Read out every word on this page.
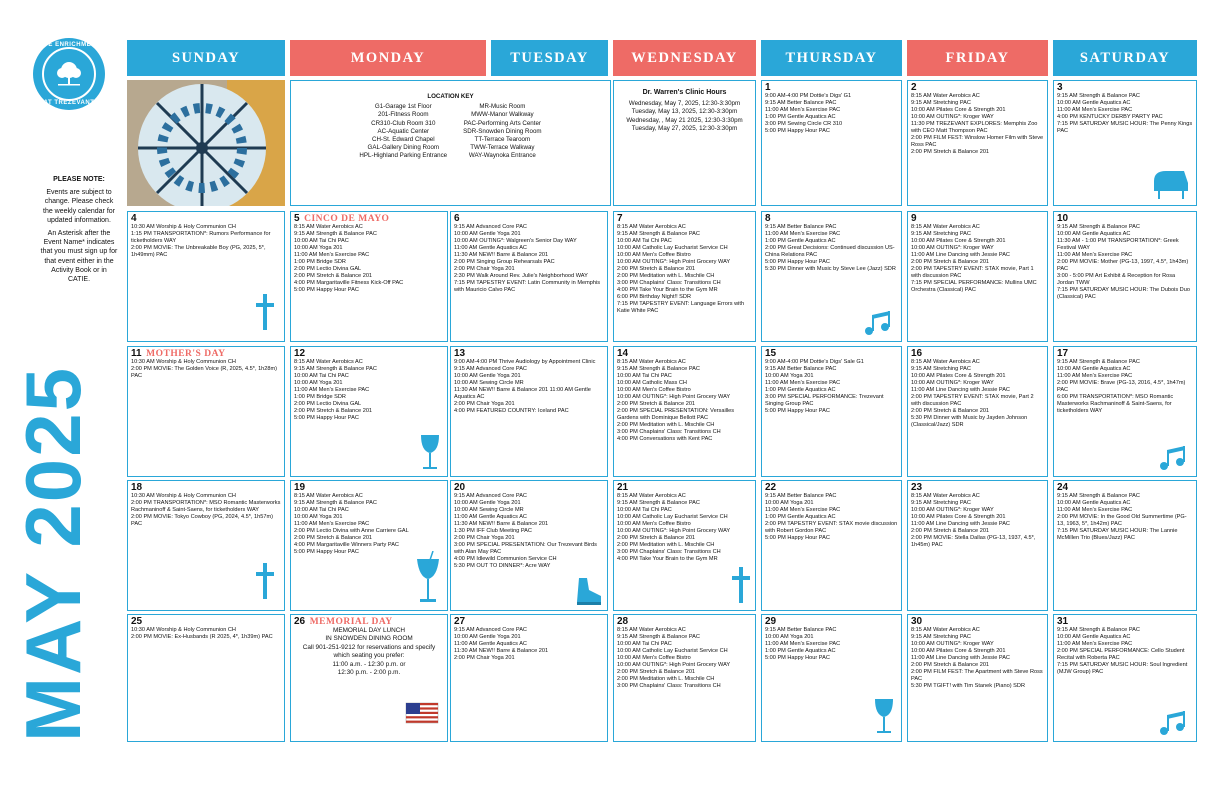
LIFE ENRICHMENT
AT TREZEVANT

PLEASE NOTE:

Events are subject to change. Please check the weekly calendar for updated information.

An Asterisk after the Event Name* indicates that you must sign up for that event either in the Activity Book or in CATIE.

MAY 2025
SUNDAY	MONDAY	TUESDAY	WEDNESDAY	THURSDAY	FRIDAY	SATURDAY
LOCATION KEY
G1-Garage 1st Floor
201-Fitness Room
CR310-Club Room 310
AC-Aquatic Center
CH-St. Edward Chapel
GAL-Gallery Dining Room
HPL-Highland Parking Entrance
MR-Music Room
MWW-Manor Walkway
PAC-Performing Arts Center
SDR-Snowden Dining Room
TT-Terrace Tearoom
TWW-Terrace Walkway
WAY-Waynoka Entrance
Dr. Warren's Clinic Hours
Wednesday, May 7, 2025, 12:30-3:30pm
Tuesday, May 13, 2025, 12:30-3:30pm
Wednesday, , May 21 2025, 12:30-3:30pm
Tuesday, May 27, 2025, 12:30-3:30pm
1
9:00 AM-4:00 PM Dottie's Digs' G1
9:15 AM Better Balance PAC
11:00 AM Men's Exercise PAC
1:00 PM Gentle Aquatics AC
3:00 PM Sewing Circle CR 310
5:00 PM Happy Hour PAC
2
8:15 AM Water Aerobics AC
9:15 AM Stretching PAC
10:00 AM Pilates Core & Strength 201
10:00 AM OUTING*: Kroger WAY
11:30 PM TREZEVANT EXPLORES: Memphis Zoo with CEO Matt Thompson PAC
2:00 PM FILM FEST: Winslow Homer Film with Steve Ross PAC
2:00 PM Stretch & Balance 201
3
9:15 AM Strength & Balance PAC
10:00 AM Gentle Aquatics AC
11:00 AM Men's Exercise PAC
4:00 PM KENTUCKY DERBY PARTY PAC
7:15 PM SATURDAY MUSIC HOUR: The Penny Kings PAC
4
10:30 AM Worship & Holy Communion CH
1:15 PM TRANSPORTATION*: Rumors Performance for ticketholders WAY
2:00 PM MOVIE: The Unbreakable Boy (PG, 2025, 5*, 1h49mm) PAC
5 CINCO DE MAYO
8:15 AM Water Aerobics AC
9:15 AM Strength & Balance PAC
10:00 AM Tai Chi PAC
10:00 AM Yoga 201
11:00 AM Men's Exercise PAC
1:00 PM Bridge SDR
2:00 PM Lectio Divina GAL
2:00 PM Stretch & Balance 201
4:00 PM Margaritaville Fitness Kick-Off PAC
5:00 PM Happy Hour PAC
6
9:15 AM Advanced Core PAC
10:00 AM Gentle Yoga 201
10:00 AM OUTING*: Walgreen's Senior Day WAY
11:00 AM Gentle Aquatics AC
11:30 AM NEW!! Barre & Balance 201
2:00 PM Singing Group Rehearsals PAC
2:00 PM Chair Yoga 201
2:30 PM Walk Around Rev. Julie's Neighborhood WAY
7:15 PM TAPESTRY EVENT: Latin Community in Memphis with Mauricio Calvo PAC
7
8:15 AM Water Aerobics AC
9:15 AM Strength & Balance PAC
10:00 AM Tai Chi PAC
10:00 AM Catholic Lay Eucharist Service CH
10:00 AM Men's Coffee Bistro
10:00 AM OUTING*: High Point Grocery WAY
2:00 PM Stretch & Balance 201
2:00 PM Meditation with L. Mischile CH
3:00 PM Chaplains' Class: Transitions CH
4:00 PM Take Your Brain to the Gym MR
6:00 PM Birthday Night!! SDR
7:15 PM TAPESTRY EVENT: Language Errors with Katie White PAC
8
9:15 AM Better Balance PAC
11:00 AM Men's Exercise PAC
1:00 PM Gentle Aquatics AC
2:00 PM Great Decisions: Continued discussion US-China Relations PAC
5:00 PM Happy Hour PAC
5:30 PM Dinner with Music by Steve Lee (Jazz) SDR
9
8:15 AM Water Aerobics AC
9:15 AM Stretching PAC
10:00 AM Pilates Core & Strength 201
10:00 AM OUTING*: Kroger WAY
11:00 AM Line Dancing with Jessie PAC
2:00 PM Stretch & Balance 201
2:00 PM TAPESTRY EVENT: STAX movie, Part 1 with discussion PAC
7:15 PM SPECIAL PERFORMANCE: Mullins UMC Orchestra (Classical) PAC
10
9:15 AM Strength & Balance PAC
10:00 AM Gentle Aquatics AC
11:30 AM - 1:00 PM TRANSPORTATION*: Greek Festival WAY
11:00 AM Men's Exercise PAC
2:00 PM MOVIE: Mother (PG-13, 1997, 4.5*, 1h43m) PAC
3:00 - 5:00 PM Art Exhibit & Reception for Rosa Jordan TWW
7:15 PM SATURDAY MUSIC HOUR: The Dubois Duo (Classical) PAC
11 MOTHER'S DAY
10:30 AM Worship & Holy Communion CH
2:00 PM MOVIE: The Golden Voice (R, 2025, 4.5*, 1h28m) PAC
12
8:15 AM Water Aerobics AC
9:15 AM Strength & Balance PAC
10:00 AM Tai Chi PAC
10:00 AM Yoga 201
11:00 AM Men's Exercise PAC
1:00 PM Bridge SDR
2:00 PM Lectio Divina GAL
2:00 PM Stretch & Balance 201
5:00 PM Happy Hour PAC
13
9:00 AM-4:00 PM Thrive Audiology by Appointment Clinic
9:15 AM Advanced Core PAC
10:00 AM Gentle Yoga 201
10:00 AM Sewing Circle MR
11:30 AM NEW!! Barre & Balance 201 11:00 AM Gentle Aquatics AC
2:00 PM Chair Yoga 201
4:00 PM FEATURED COUNTRY: Iceland PAC
14
8:15 AM Water Aerobics AC
9:15 AM Strength & Balance PAC
10:00 AM Tai Chi PAC
10:00 AM Catholic Mass CH
10:00 AM Men's Coffee Bistro
10:00 AM OUTING*: High Point Grocery WAY
2:00 PM Stretch & Balance 201
2:00 PM SPECIAL PRESENTATION: Versailles Gardens with Dominique Bellott PAC
2:00 PM Meditation with L. Mischile CH
3:00 PM Chaplains' Class: Transitions CH
4:00 PM Conversations with Kent PAC
15
9:00 AM-4:00 PM Dottie's Digs' Sale G1
9:15 AM Better Balance PAC
10:00 AM Yoga 201
11:00 AM Men's Exercise PAC
1:00 PM Gentle Aquatics AC
3:00 PM SPECIAL PERFORMANCE: Trezevant Singing Group PAC
5:00 PM Happy Hour PAC
16
8:15 AM Water Aerobics AC
9:15 AM Stretching PAC
10:00 AM Pilates Core & Strength 201
10:00 AM OUTING*: Kroger WAY
11:00 AM Line Dancing with Jessie PAC
2:00 PM TAPESTRY EVENT: STAX movie, Part 2 with discussion PAC
2:00 PM Stretch & Balance 201
5:30 PM Dinner with Music by Jayden Johnson (Classical/Jazz) SDR
17
9:15 AM Strength & Balance PAC
10:00 AM Gentle Aquatics AC
11:00 AM Men's Exercise PAC
2:00 PM MOVIE: Brave (PG-13, 2016, 4.5*, 1h47m) PAC
6:00 PM TRANSPORTATION*: MSO Romantic Masterworks Rachmaninoff & Saint-Saens, for ticketholders WAY
18
10:30 AM Worship & Holy Communion CH
2:00 PM TRANSPORTATION*: MSO Romantic Masterworks Rachmaninoff & Saint-Saens, for ticketholders WAY
2:00 PM MOVIE: Tokyo Cowboy (PG, 2024, 4.5*, 1h57m) PAC
19
8:15 AM Water Aerobics AC
9:15 AM Strength & Balance PAC
10:00 AM Tai Chi PAC
10:00 AM Yoga 201
11:00 AM Men's Exercise PAC
2:00 PM Lectio Divina with Anne Carriere GAL
2:00 PM Stretch & Balance 201
4:00 PM Margaritaville Winners Party PAC
5:00 PM Happy Hour PAC
20
9:15 AM Advanced Core PAC
10:00 AM Gentle Yoga 201
10:00 AM Sewing Circle MR
11:00 AM Gentle Aquatics AC
11:30 AM NEW!! Barre & Balance 201
1:30 PM IFF Club Meeting PAC
2:00 PM Chair Yoga 201
3:00 PM SPECIAL PRESENTATION: Our Trezevant Birds with Alan May PAC
4:00 PM Idlewild Communion Service CH
5:30 PM OUT TO DINNER*: Acre WAY
21
8:15 AM Water Aerobics AC
9:15 AM Strength & Balance PAC
10:00 AM Tai Chi PAC
10:00 AM Catholic Lay Eucharist Service CH
10:00 AM Men's Coffee Bistro
10:00 AM OUTING*: High Point Grocery WAY
2:00 PM Stretch & Balance 201
2:00 PM Meditation with L. Mischile CH
3:00 PM Chaplains' Class: Transitions CH
4:00 PM Take Your Brain to the Gym MR
22
9:15 AM Better Balance PAC
10:00 AM Yoga 201
11:00 AM Men's Exercise PAC
1:00 PM Gentle Aquatics AC
2:00 PM TAPESTRY EVENT: STAX movie discussion with Robert Gordon PAC
5:00 PM Happy Hour PAC
23
8:15 AM Water Aerobics AC
9:15 AM Stretching PAC
10:00 AM OUTING*: Kroger WAY
10:00 AM Pilates Core & Strength 201
11:00 AM Line Dancing with Jessie PAC
2:00 PM Stretch & Balance 201
2:00 PM MOVIE: Stella Dallas (PG-13, 1937, 4.5*, 1h45m) PAC
24
9:15 AM Strength & Balance PAC
10:00 AM Gentle Aquatics AC
11:00 AM Men's Exercise PAC
2:00 PM MOVIE: In the Good Old Summertime (PG-13, 1963, 5*, 1h42m) PAC
7:15 PM SATURDAY MUSIC HOUR: The Lannie McMillen Trio (Blues/Jazz) PAC
25
10:30 AM Worship & Holy Communion CH
2:00 PM MOVIE: Ex-Husbands (R 2025, 4*, 1h39m) PAC
26 MEMORIAL DAY
MEMORIAL DAY LUNCH
IN SNOWDEN DINING ROOM
Call 901-251-9212 for reservations and specify which seating you prefer:
11:00 a.m. - 12:30 p.m. or
12:30 p.m. - 2:00 p.m.
27
9:15 AM Advanced Core PAC
10:00 AM Gentle Yoga 201
11:00 AM Gentle Aquatics AC
11:30 AM NEW!! Barre & Balance 201
2:00 PM Chair Yoga 201
28
8:15 AM Water Aerobics AC
9:15 AM Strength & Balance PAC
10:00 AM Tai Chi PAC
10:00 AM Catholic Lay Eucharist Service CH
10:00 AM Men's Coffee Bistro
10:00 AM OUTING*: High Point Grocery WAY
2:00 PM Stretch & Balance 201
2:00 PM Meditation with L. Mischile CH
3:00 PM Chaplains' Class: Transitions CH
29
9:15 AM Better Balance PAC
10:00 AM Yoga 201
11:00 AM Men's Exercise PAC
1:00 PM Gentle Aquatics AC
5:00 PM Happy Hour PAC
30
8:15 AM Water Aerobics AC
9:15 AM Stretching PAC
10:00 AM OUTING*: Kroger WAY
10:00 AM Pilates Core & Strength 201
11:00 AM Line Dancing with Jessie PAC
2:00 PM Stretch & Balance 201
2:00 PM FILM FEST: The Apartment with Steve Ross PAC
5:30 PM TGIFT! with Tim Stanek (Piano) SDR
31
9:15 AM Strength & Balance PAC
10:00 AM Gentle Aquatics AC
11:00 AM Men's Exercise PAC
2:00 PM SPECIAL PERFORMANCE: Cello Student Recital with Roberta PAC
7:15 PM SATURDAY MUSIC HOUR: Soul Ingredient (MJW Group) PAC
